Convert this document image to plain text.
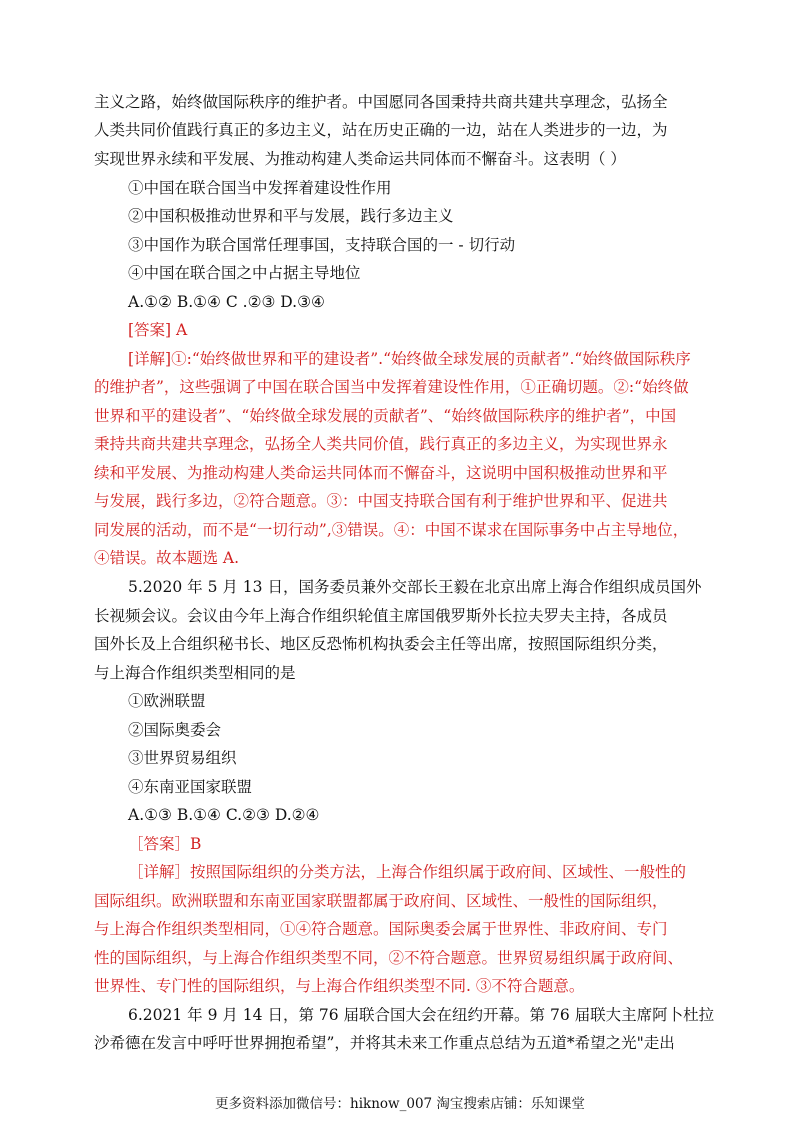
主义之路，始终做国际秩序的维护者。中国愿同各国秉持共商共建共享理念，弘扬全
人类共同价值践行真正的多边主义，站在历史正确的一边，站在人类进步的一边，为
实现世界永续和平发展、为推动构建人类命运共同体而不懈奋斗。这表明（ ）
①中国在联合国当中发挥着建设性作用
②中国积极推动世界和平与发展，践行多边主义
③中国作为联合国常任理事国，支持联合国的一 - 切行动
④中国在联合国之中占据主导地位
A.①② B.①④ C .②③ D.③④
[答案] A
[详解]①:“始终做世界和平的建设者”.“始终做全球发展的贡献者”.“始终做国际秩序
的维护者”，这些强调了中国在联合国当中发挥着建设性作用，①正确切题。②:“始终做
世界和平的建设者”、“始终做全球发展的贡献者”、“始终做国际秩序的维护者”，中国
秉持共商共建共享理念，弘扬全人类共同价值，践行真正的多边主义，为实现世界永
续和平发展、为推动构建人类命运共同体而不懈奋斗，这说明中国积极推动世界和平
与发展，践行多边，②符合题意。③：中国支持联合国有利于维护世界和平、促进共
同发展的活动，而不是“一切行动”,③错误。④：中国不谋求在国际事务中占主导地位，
④错误。故本题选 A.
5.2020 年 5 月 13 日，国务委员兼外交部长王毅在北京出席上海合作组织成员国外
长视频会议。会议由今年上海合作组织轮值主席国俄罗斯外长拉夫罗夫主持，各成员
国外长及上合组织秘书长、地区反恐怖机构执委会主任等出席，按照国际组织分类，
与上海合作组织类型相同的是
①欧洲联盟
②国际奥委会
③世界贸易组织
④东南亚国家联盟
A.①③ B.①④ C.②③ D.②④
［答案］B
［详解］按照国际组织的分类方法，上海合作组织属于政府间、区域性、一般性的
国际组织。欧洲联盟和东南亚国家联盟都属于政府间、区域性、一般性的国际组织，
与上海合作组织类型相同，①④符合题意。国际奥委会属于世界性、非政府间、专门
性的国际组织，与上海合作组织类型不同，②不符合题意。世界贸易组织属于政府间、
世界性、专门性的国际组织，与上海合作组织类型不同. ③不符合题意。
6.2021 年 9 月 14 日，第 76 届联合国大会在纽约开幕。第 76 届联大主席阿卜杜拉
沙希德在发言中呼吁世界拥抱希望”，并将其未来工作重点总结为五道*希望之光"走出
更多资料添加微信号：hiknow_007 淘宝搜索店铺：乐知课堂
